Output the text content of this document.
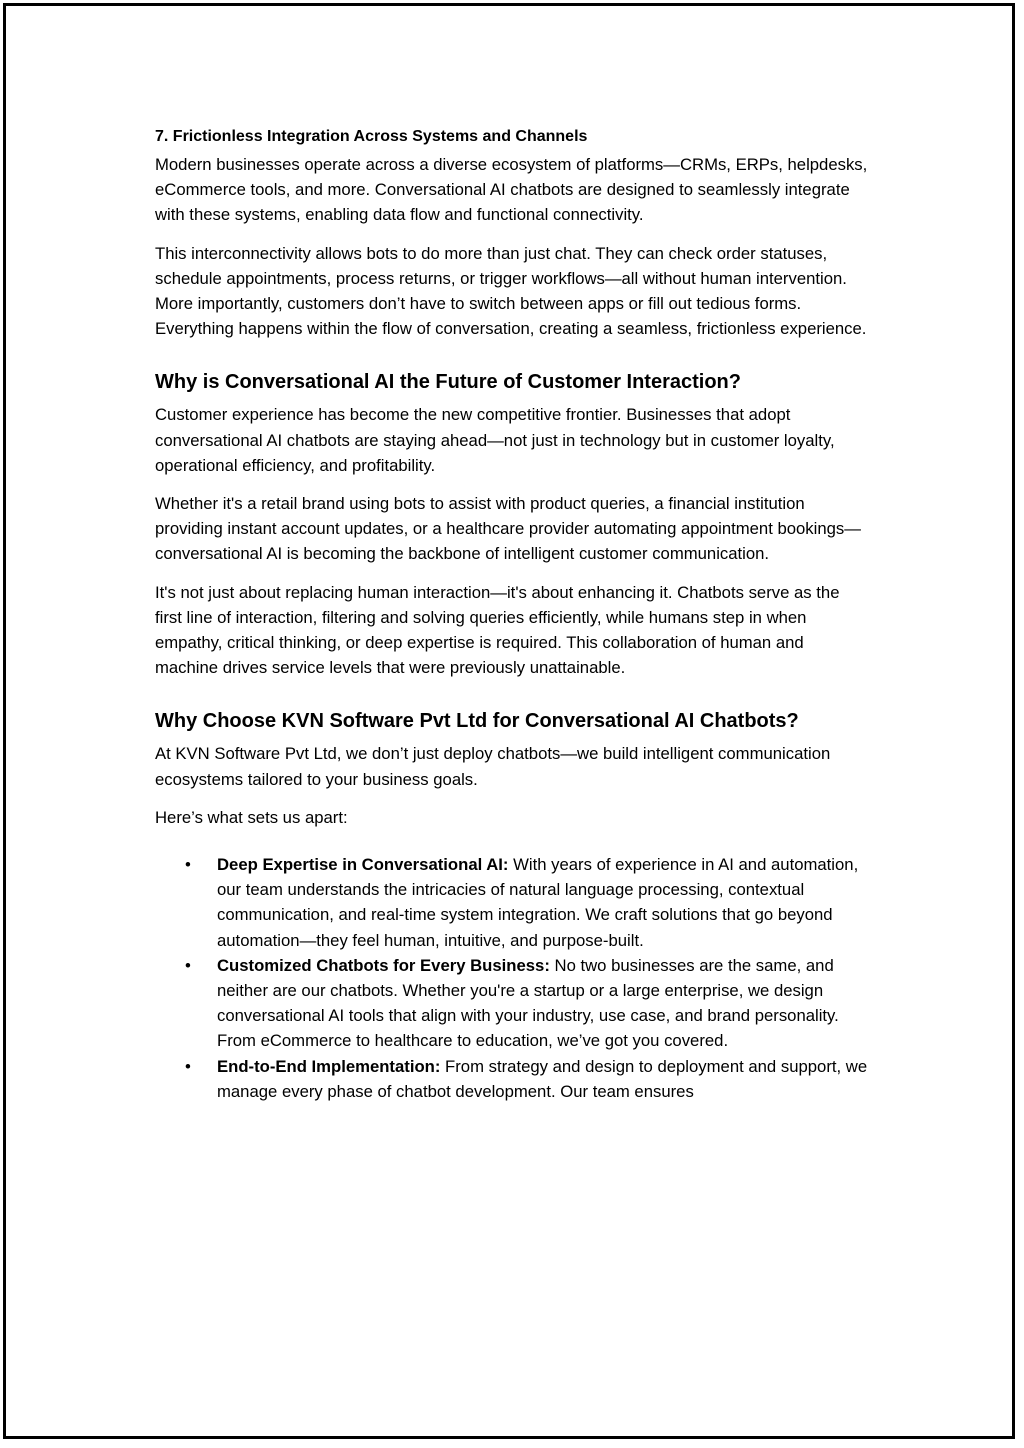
7. Frictionless Integration Across Systems and Channels

Modern businesses operate across a diverse ecosystem of platforms—CRMs, ERPs, helpdesks, eCommerce tools, and more. Conversational AI chatbots are designed to seamlessly integrate with these systems, enabling data flow and functional connectivity.

This interconnectivity allows bots to do more than just chat. They can check order statuses, schedule appointments, process returns, or trigger workflows—all without human intervention. More importantly, customers don’t have to switch between apps or fill out tedious forms. Everything happens within the flow of conversation, creating a seamless, frictionless experience.

Why is Conversational AI the Future of Customer Interaction?

Customer experience has become the new competitive frontier. Businesses that adopt conversational AI chatbots are staying ahead—not just in technology but in customer loyalty, operational efficiency, and profitability.

Whether it's a retail brand using bots to assist with product queries, a financial institution providing instant account updates, or a healthcare provider automating appointment bookings—conversational AI is becoming the backbone of intelligent customer communication.

It's not just about replacing human interaction—it's about enhancing it. Chatbots serve as the first line of interaction, filtering and solving queries efficiently, while humans step in when empathy, critical thinking, or deep expertise is required. This collaboration of human and machine drives service levels that were previously unattainable.

Why Choose KVN Software Pvt Ltd for Conversational AI Chatbots?

At KVN Software Pvt Ltd, we don’t just deploy chatbots—we build intelligent communication ecosystems tailored to your business goals.

Here’s what sets us apart:

• Deep Expertise in Conversational AI: With years of experience in AI and automation, our team understands the intricacies of natural language processing, contextual communication, and real-time system integration. We craft solutions that go beyond automation—they feel human, intuitive, and purpose-built.
• Customized Chatbots for Every Business: No two businesses are the same, and neither are our chatbots. Whether you're a startup or a large enterprise, we design conversational AI tools that align with your industry, use case, and brand personality. From eCommerce to healthcare to education, we’ve got you covered.
• End-to-End Implementation: From strategy and design to deployment and support, we manage every phase of chatbot development. Our team ensures
